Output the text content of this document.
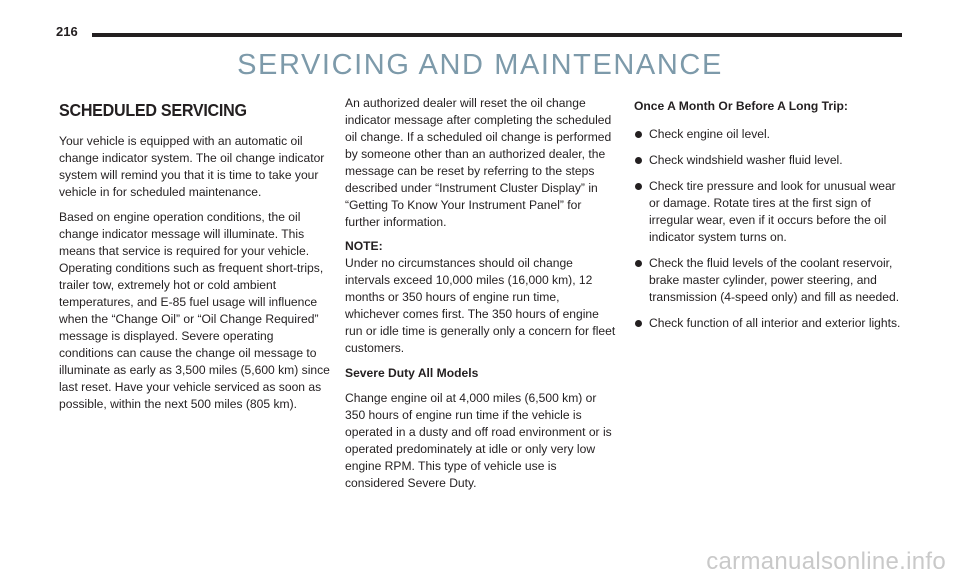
216
SERVICING AND MAINTENANCE
SCHEDULED SERVICING

Your vehicle is equipped with an automatic oil change indicator system. The oil change indicator system will remind you that it is time to take your vehicle in for scheduled maintenance.

Based on engine operation conditions, the oil change indicator message will illuminate. This means that service is required for your vehicle. Operating conditions such as frequent short-trips, trailer tow, extremely hot or cold ambient temperatures, and E-85 fuel usage will influence when the “Change Oil” or “Oil Change Required” message is displayed. Severe operating conditions can cause the change oil message to illuminate as early as 3,500 miles (5,600 km) since last reset. Have your vehicle serviced as soon as possible, within the next 500 miles (805 km).

An authorized dealer will reset the oil change indicator message after completing the scheduled oil change. If a scheduled oil change is performed by someone other than an authorized dealer, the message can be reset by referring to the steps described under “Instrument Cluster Display” in “Getting To Know Your Instrument Panel” for further information.

NOTE:

Under no circumstances should oil change intervals exceed 10,000 miles (16,000 km), 12 months or 350 hours of engine run time, whichever comes first. The 350 hours of engine run or idle time is generally only a concern for fleet customers.

Severe Duty All Models

Change engine oil at 4,000 miles (6,500 km) or 350 hours of engine run time if the vehicle is operated in a dusty and off road environment or is operated predominately at idle or only very low engine RPM. This type of vehicle use is considered Severe Duty.

Once A Month Or Before A Long Trip:
Check engine oil level.
Check windshield washer fluid level.
Check tire pressure and look for unusual wear or damage. Rotate tires at the first sign of irregular wear, even if it occurs before the oil indicator system turns on.
Check the fluid levels of the coolant reservoir, brake master cylinder, power steering, and transmission (4-speed only) and fill as needed.
Check function of all interior and exterior lights.
carmanualsonline.info
